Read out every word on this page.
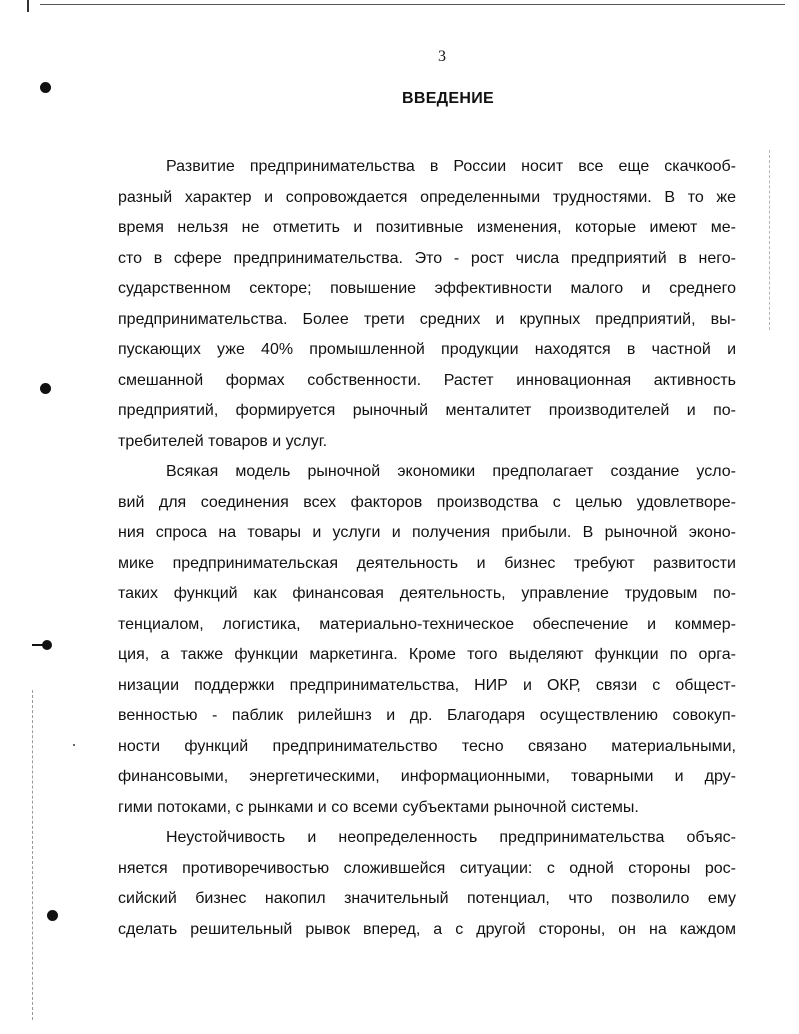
3
ВВЕДЕНИЕ
Развитие предпринимательства в России носит все еще скачкооб-
разный характер и сопровождается определенными трудностями. В то же
время нельзя не отметить и позитивные изменения, которые имеют ме-
сто в сфере предпринимательства. Это - рост числа предприятий в него-
сударственном секторе; повышение эффективности малого и среднего
предпринимательства. Более трети средних и крупных предприятий, вы-
пускающих уже 40% промышленной продукции находятся в частной и
смешанной формах собственности. Растет инновационная активность
предприятий, формируется рыночный менталитет производителей и по-
требителей товаров и услуг.
Всякая модель рыночной экономики предполагает создание усло-
вий для соединения всех факторов производства с целью удовлетворе-
ния спроса на товары и услуги и получения прибыли. В рыночной эконо-
мике предпринимательская деятельность и бизнес требуют развитости
таких функций как финансовая деятельность, управление трудовым по-
тенциалом, логистика, материально-техническое обеспечение и коммер-
ция, а также функции маркетинга. Кроме того выделяют функции по орга-
низации поддержки предпринимательства, НИР и ОКР, связи с общест-
венностью - паблик рилейшнз и др. Благодаря осуществлению совокуп-
ности функций предпринимательство тесно связано материальными,
финансовыми, энергетическими, информационными, товарными и дру-
гими потоками, с рынками и со всеми субъектами рыночной системы.
Неустойчивость и неопределенность предпринимательства объяс-
няется противоречивостью сложившейся ситуации: с одной стороны рос-
сийский бизнес накопил значительный потенциал, что позволило ему
сделать решительный рывок вперед, а с другой стороны, он на каждом
